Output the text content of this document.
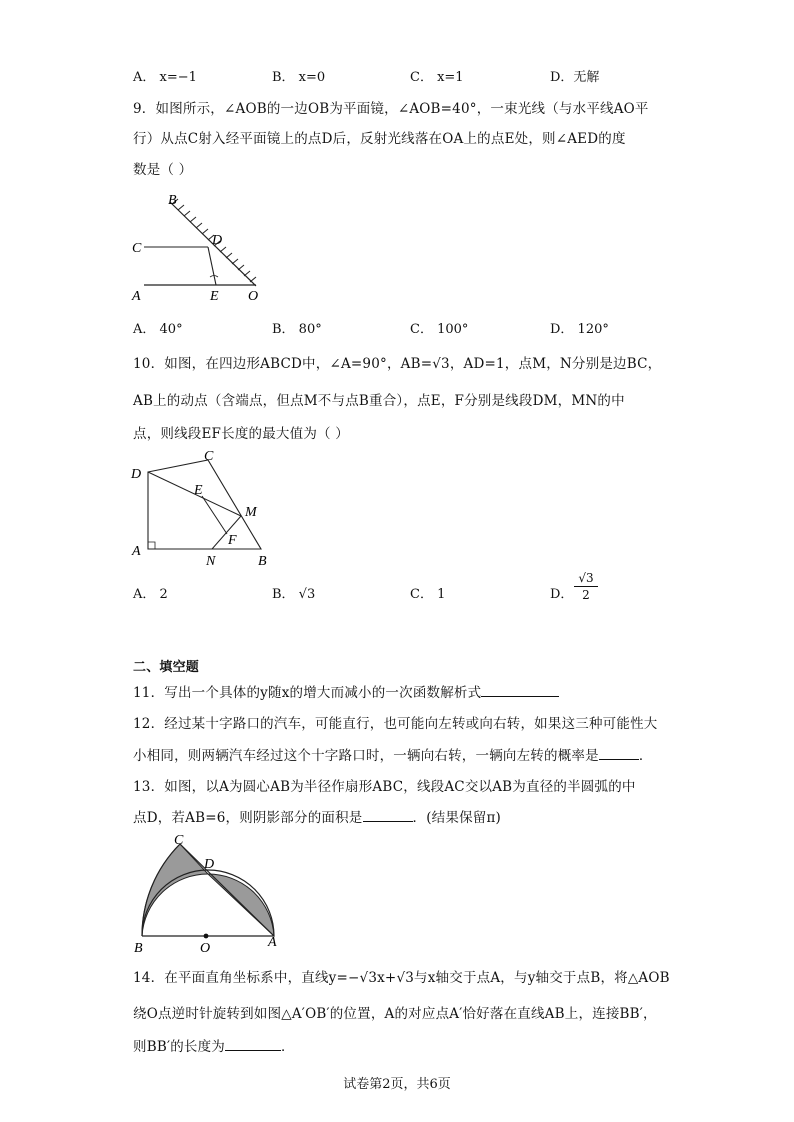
A． x=−1	B． x=0	C． x=1	D．无解
9．如图所示，∠AOB的一边OB为平面镜，∠AOB=40°，一束光线（与水平线AO平
行）从点C射入经平面镜上的点D后，反射光线落在OA上的点E处，则∠AED的度
数是（ ）
B
C
D
A	E O
A． 40°	B． 80°	C． 100°	D． 120°
10．如图，在四边形ABCD中，∠A=90°，AB=√3，AD=1，点M，N分别是边BC，
AB上的动点（含端点，但点M不与点B重合），点E，F分别是线段DM，MN的中
点，则线段EF长度的最大值为（ ）
D
C
E
M
F
A
N	B
A． 2	B． √3	C． 1	D． $\frac{√3}{2}$
二、填空题
11．写出一个具体的y随x的增大而减小的一次函数解析式
12．经过某十字路口的汽车，可能直行，也可能向左转或向右转，如果这三种可能性大
小相同，则两辆汽车经过这个十字路口时，一辆向右转，一辆向左转的概率是	．
13．如图，以A为圆心AB为半径作扇形ABC，线段AC交以AB为直径的半圆弧的中
点D，若AB=6，则阴影部分的面积是	．(结果保留π)
C
D
B	O	A
14．在平面直角坐标系中，直线y=−√3x+√3与x轴交于点A，与y轴交于点B，将△AOB
绕O点逆时针旋转到如图△A′OB′的位置，A的对应点A′恰好落在直线AB上，连接BB′，
则BB′的长度为	．
试卷第2页，共6页
